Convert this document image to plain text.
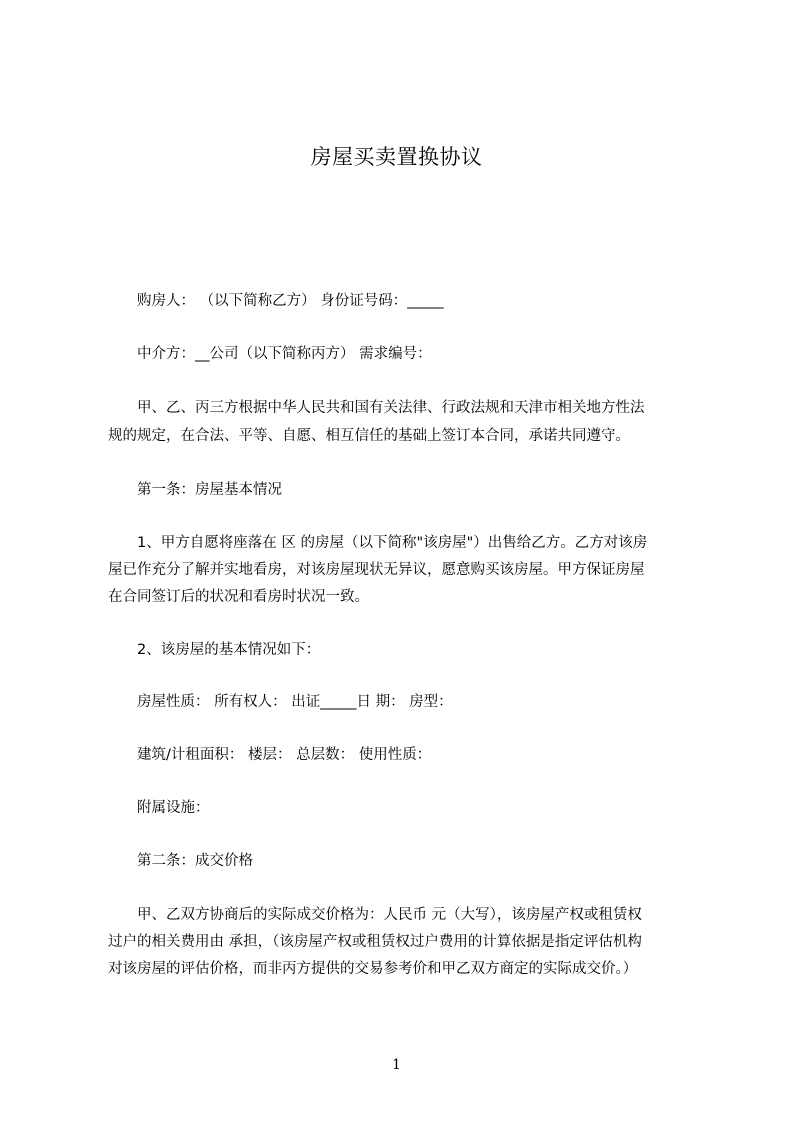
房屋买卖置换协议
购房人： （以下简称乙方） 身份证号码：_____
中介方：__公司（以下简称丙方） 需求编号：
甲、乙、丙三方根据中华人民共和国有关法律、行政法规和天津市相关地方性法
规的规定，在合法、平等、自愿、相互信任的基础上签订本合同，承诺共同遵守。
第一条：房屋基本情况
1、甲方自愿将座落在 区 的房屋（以下简称"该房屋"）出售给乙方。乙方对该房
屋已作充分了解并实地看房，对该房屋现状无异议，愿意购买该房屋。甲方保证房屋
在合同签订后的状况和看房时状况一致。
2、该房屋的基本情况如下：
房屋性质： 所有权人： 出证_____日 期： 房型：
建筑/计租面积： 楼层： 总层数： 使用性质：
附属设施：
第二条：成交价格
甲、乙双方协商后的实际成交价格为：人民币 元（大写），该房屋产权或租赁权
过户的相关费用由 承担，（该房屋产权或租赁权过户费用的计算依据是指定评估机构
对该房屋的评估价格，而非丙方提供的交易参考价和甲乙双方商定的实际成交价。）
1
